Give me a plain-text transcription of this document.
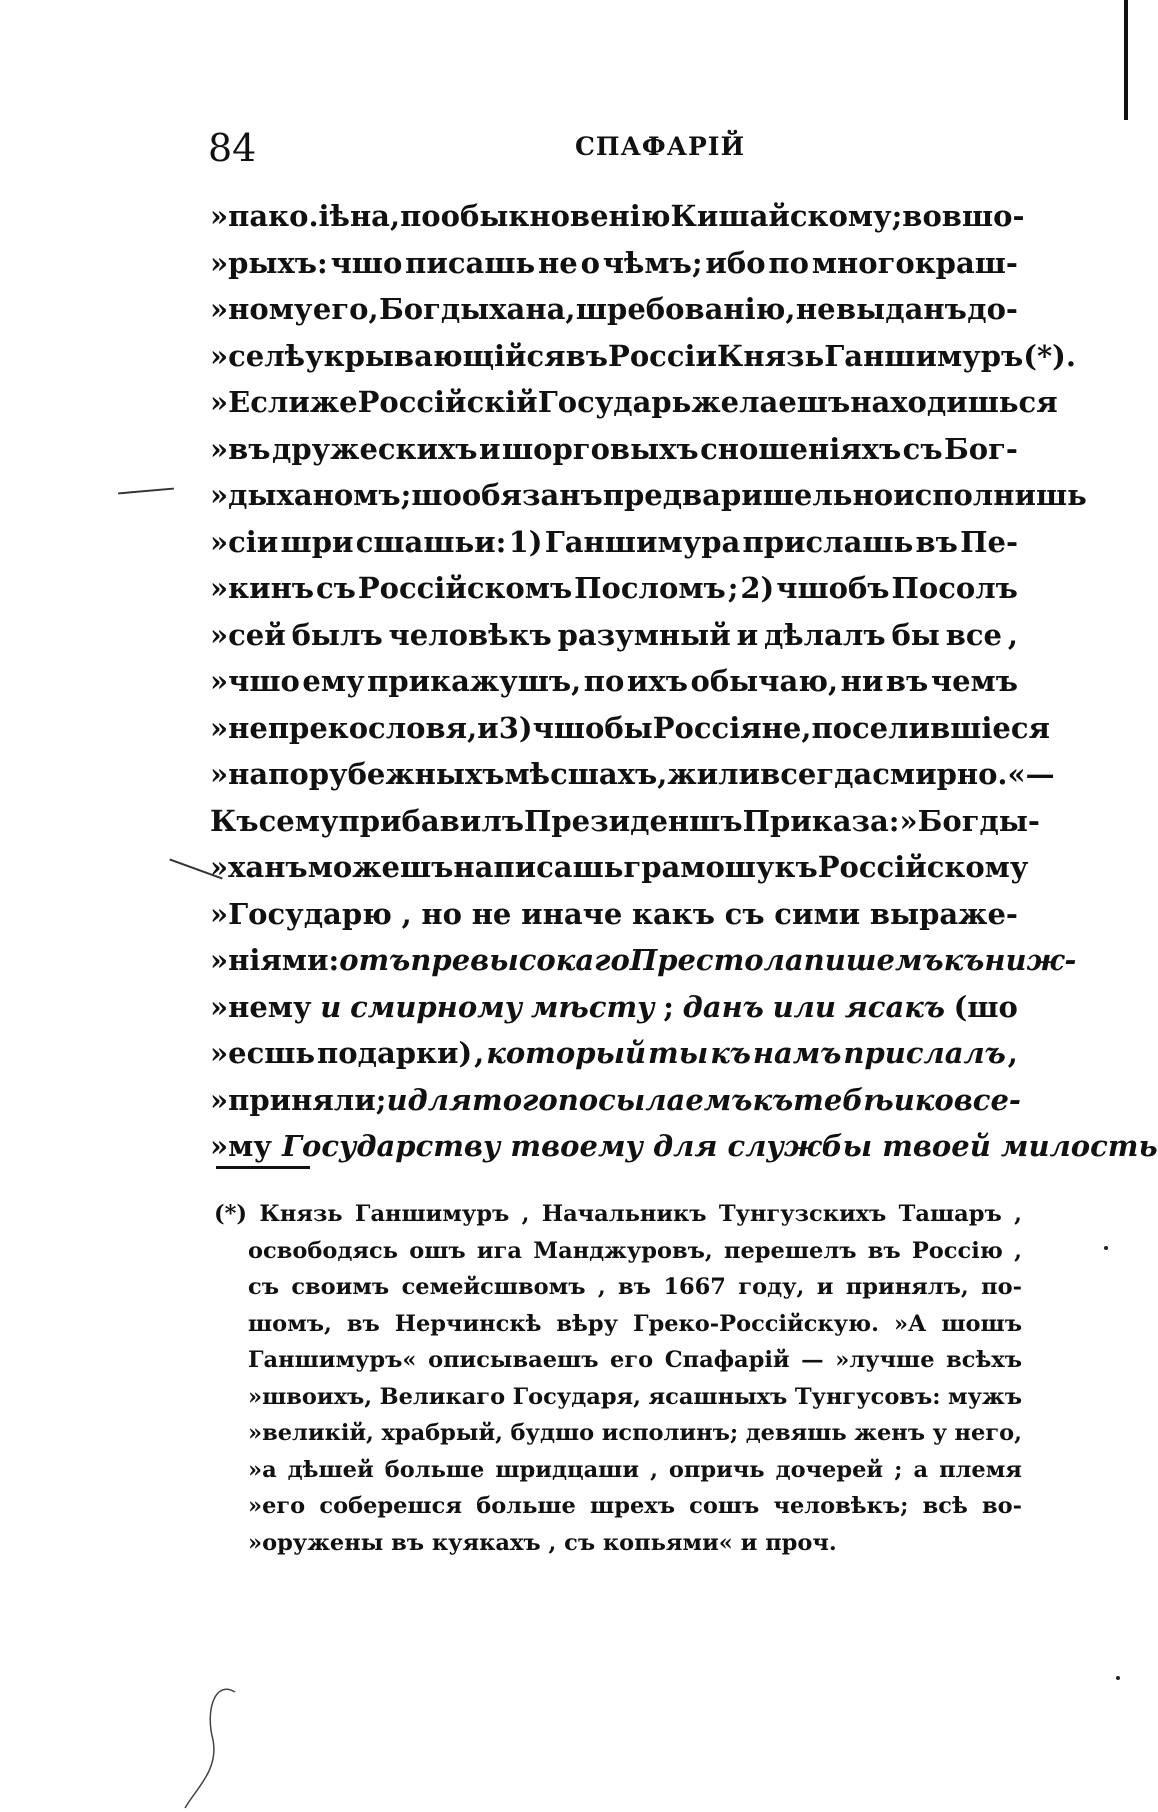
84	СПАФАРІЙ
»па ко.іѣна , по обыкновенію Кишайскому ; вовшо-
»рыхъ: чшо писашь не о чѣмъ; ибо по многокраш-
»ному его, Богдыхана, шребованію, не выданъ до-
»селѣ укрывающійся въ Россіи Князь Ганшимуръ (*).
»Если же Россійскій Государь желаешъ находишься
»въ дружескихъ и шорговыхъ сношеніяхъ съ Бог-
»дыханомъ; шо обязанъ предваришельно исполнишь
»сіи шри сшашьи: 1) Ганшимура прислашь въ Пе-
»кинъ съ Россійскомъ Посломъ ; 2) чшобъ Посолъ
»сей былъ человѣкъ разумный и дѣлалъ бы все ,
»чшо ему прикажушъ, по ихъ обычаю, ни въ чемъ
»не прекословя, и 3) чшобы Россіяне, поселившіеся
»на порубежныхъ мѣсшахъ, жили всегда смирно.« —
Къ сему прибавилъ Президеншъ Приказа: »Богды-
»ханъ можешъ написашь грамошу къ Россійскому
»Государю , но не иначе какъ съ сими выраже-
»ніями : отъ превысокаго Престола пишемъ къ ниж-
»нему и смирному мѣсту ; данъ или ясакъ (шо
»есшь подарки) , который ты къ намъ прислалъ ,
»приняли; и для того посылаемъ къ тебѣ и ко все-
»му Государству твоему для службы твоей милость
(*) Князь Ганшимуръ , Начальникъ Тунгузскихъ Ташаръ ,
освободясь ошъ ига Манджуровъ, перешелъ въ Россію ,
съ своимъ семейсшвомъ , въ 1667 году, и принялъ, по-
шомъ, въ Нерчинскѣ вѣру Греко-Россійскую. »А шошъ
Ганшимуръ« описываешъ его Спафарій — »лучше всѣхъ
»швоихъ, Великаго Государя, ясашныхъ Тунгусовъ: мужъ
»великій, храбрый, будшо исполинъ; девяшь женъ у него,
»а дѣшей больше шридцаши , опричь дочерей ; а племя
»его соберешся больше шрехъ сошъ человѣкъ; всѣ во-
»оружены въ куякахъ , съ копьями« и проч.
